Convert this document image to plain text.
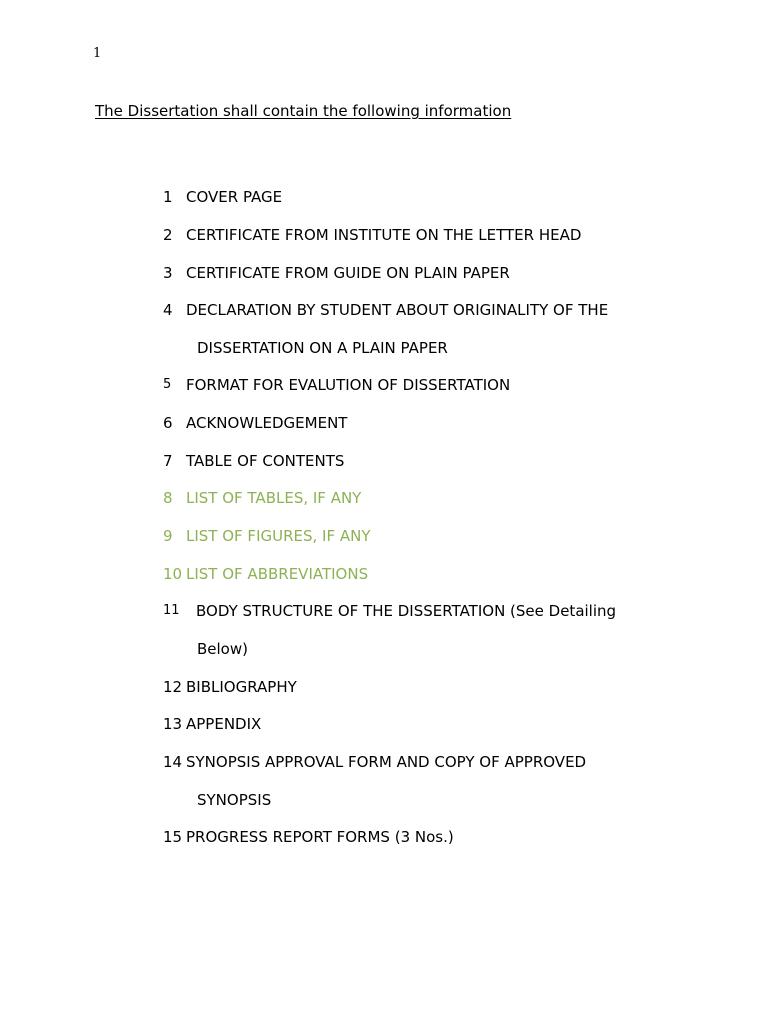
1
The Dissertation shall contain the following information
1 COVER PAGE
2 CERTIFICATE FROM INSTITUTE ON THE LETTER HEAD
3 CERTIFICATE FROM GUIDE ON PLAIN PAPER
4 DECLARATION BY STUDENT ABOUT ORIGINALITY OF THE
DISSERTATION ON A PLAIN PAPER
5 FORMAT FOR EVALUTION OF DISSERTATION
6 ACKNOWLEDGEMENT
7 TABLE OF CONTENTS
8 LIST OF TABLES, IF ANY
9 LIST OF FIGURES, IF ANY
10 LIST OF ABBREVIATIONS
11 BODY STRUCTURE OF THE DISSERTATION (See Detailing
Below)
12 BIBLIOGRAPHY
13 APPENDIX
14 SYNOPSIS APPROVAL FORM AND COPY OF APPROVED
SYNOPSIS
15 PROGRESS REPORT FORMS (3 Nos.)
